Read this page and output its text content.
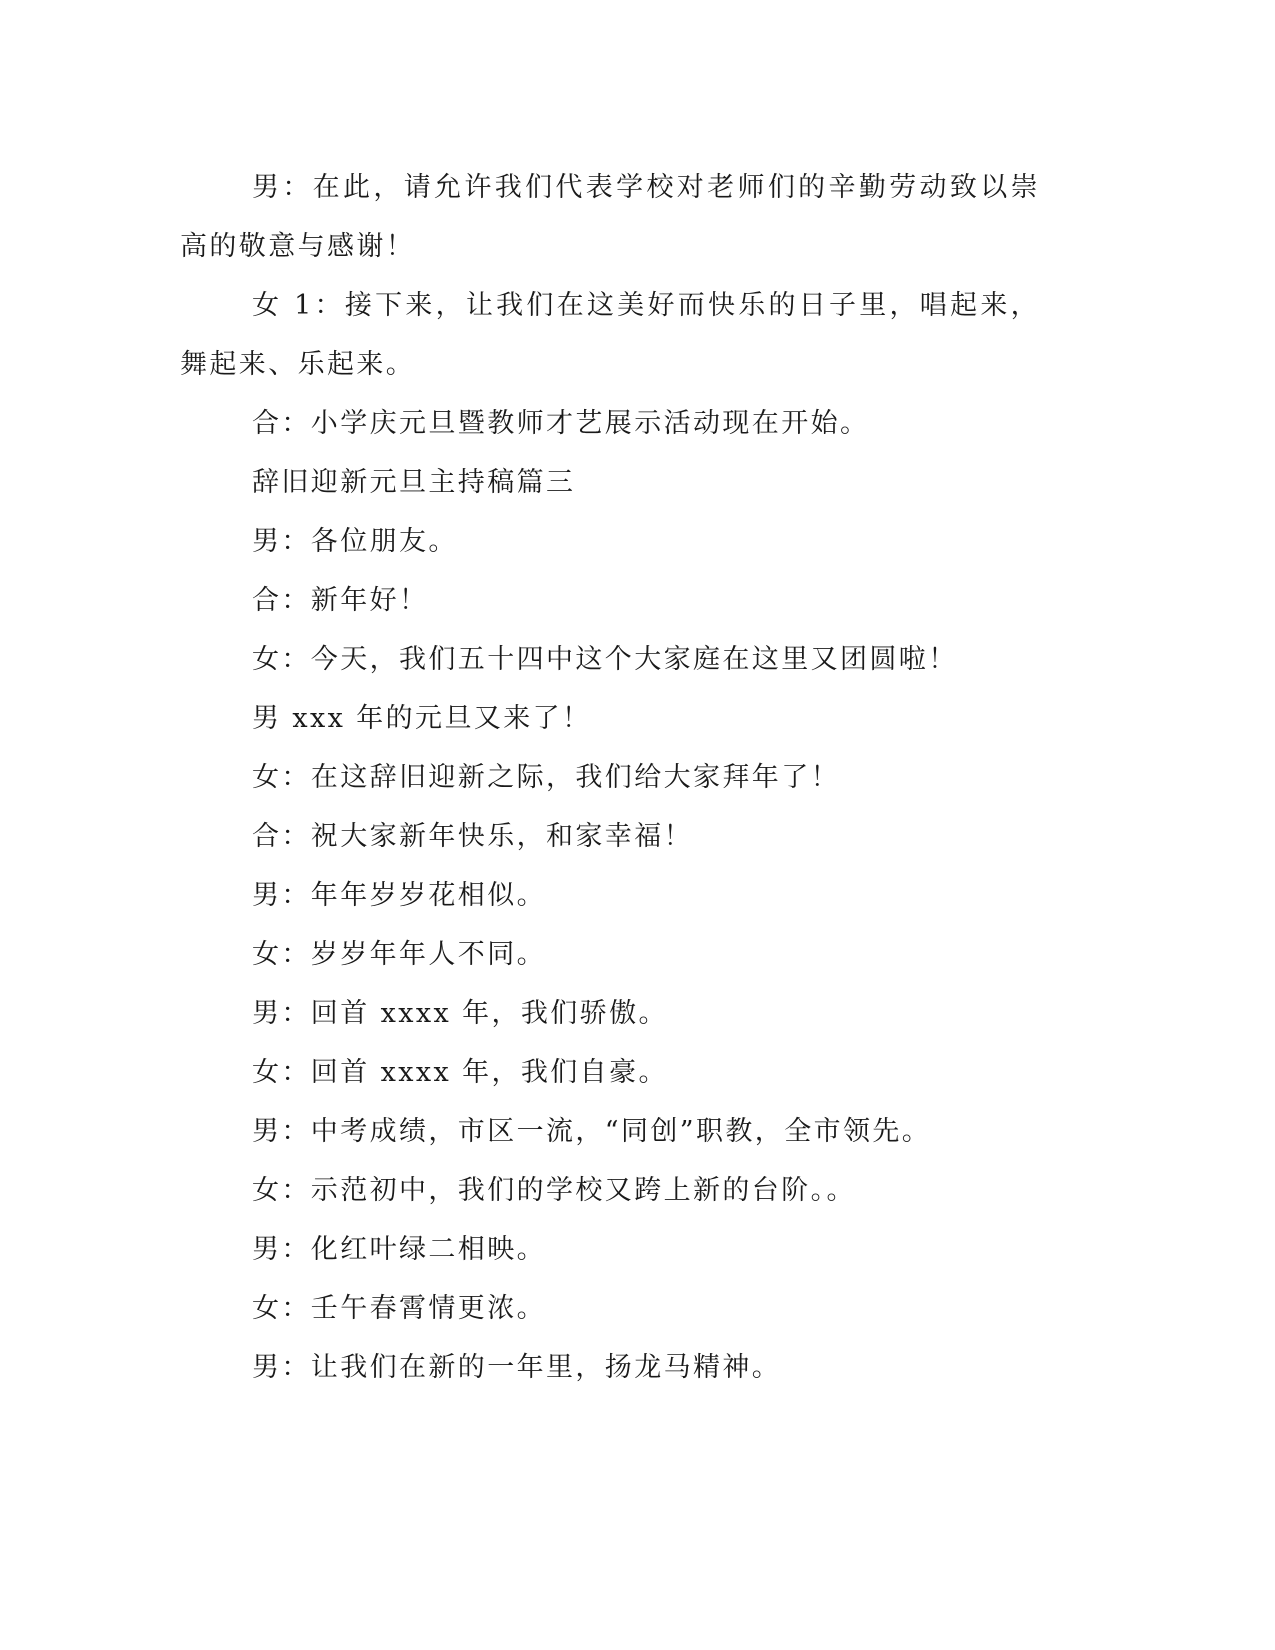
男：在此，请允许我们代表学校对老师们的辛勤劳动致以崇高的敬意与感谢！

女 1：接下来，让我们在这美好而快乐的日子里，唱起来，舞起来、乐起来。

合：小学庆元旦暨教师才艺展示活动现在开始。

辞旧迎新元旦主持稿篇三

男：各位朋友。

合：新年好！

女：今天，我们五十四中这个大家庭在这里又团圆啦！

男 xxx 年的元旦又来了！

女：在这辞旧迎新之际，我们给大家拜年了！

合：祝大家新年快乐，和家幸福！

男：年年岁岁花相似。

女：岁岁年年人不同。

男：回首 xxxx 年，我们骄傲。

女：回首 xxxx 年，我们自豪。

男：中考成绩，市区一流，“同创”职教，全市领先。

女：示范初中，我们的学校又跨上新的台阶。。

男：化红叶绿二相映。

女：壬午春霄情更浓。

男：让我们在新的一年里，扬龙马精神。
